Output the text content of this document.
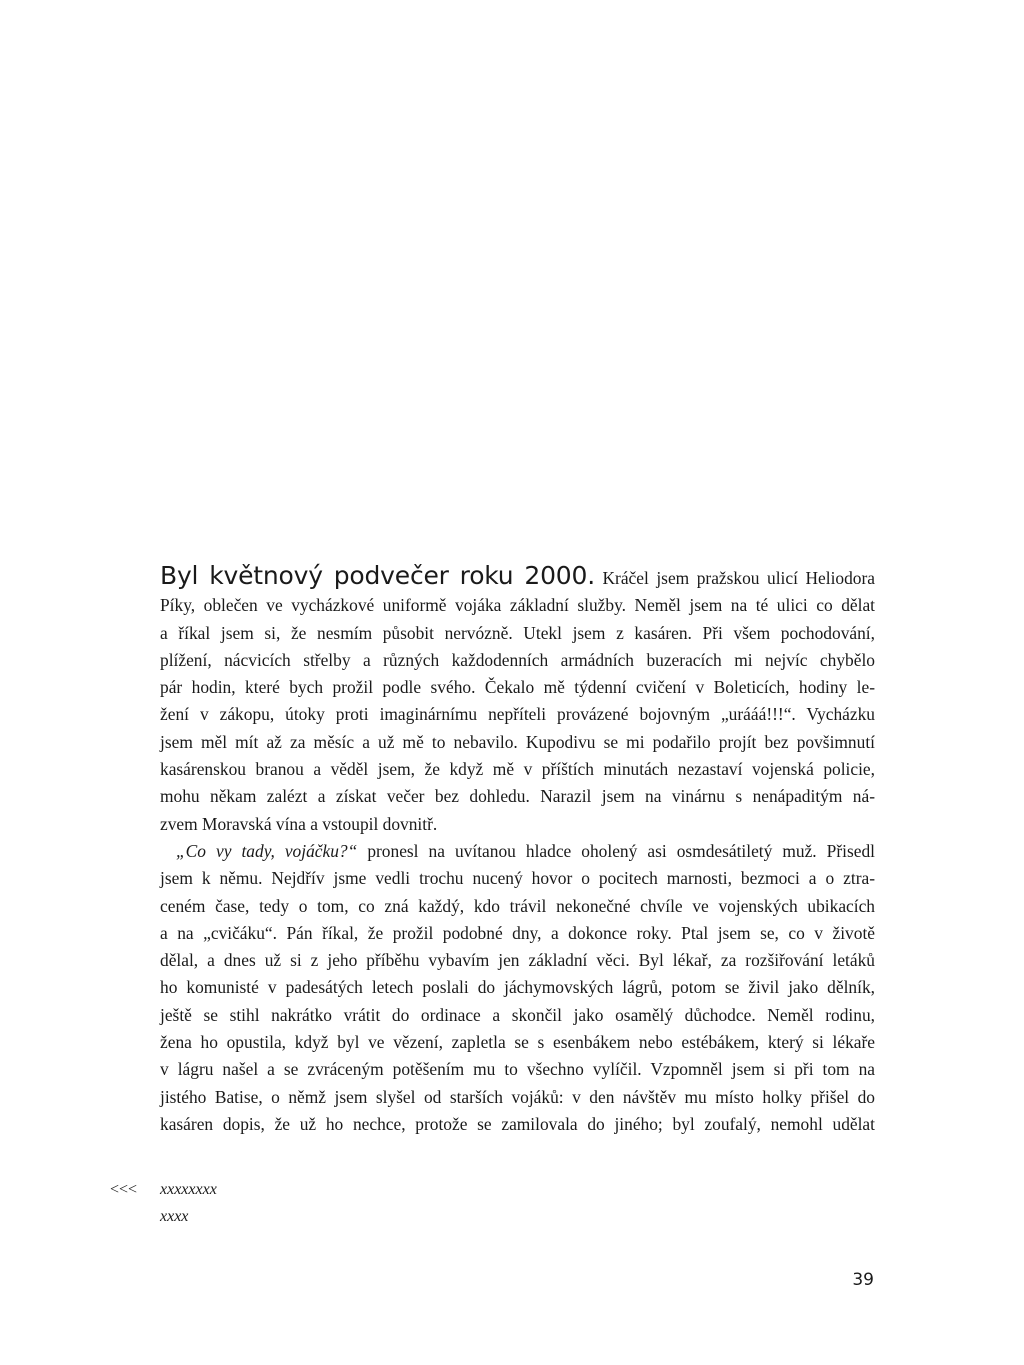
Byl květnový podvečer roku 2000. Kráčel jsem pražskou ulicí Heliodora
Píky, oblečen ve vycházkové uniformě vojáka základní služby. Neměl jsem na té ulici co dělat
a říkal jsem si, že nesmím působit nervózně. Utekl jsem z kasáren. Při všem pochodování,
plížení, nácvicích střelby a různých každodenních armádních buzeracích mi nejvíc chybělo
pár hodin, které bych prožil podle svého. Čekalo mě týdenní cvičení v Boleticích, hodiny le-
žení v zákopu, útoky proti imaginárnímu nepříteli provázené bojovným „urááá!!!“. Vycházku
jsem měl mít až za měsíc a už mě to nebavilo. Kupodivu se mi podařilo projít bez povšimnutí
kasárenskou branou a věděl jsem, že když mě v příštích minutách nezastaví vojenská policie,
mohu někam zalézt a získat večer bez dohledu. Narazil jsem na vinárnu s nenápaditým ná-
zvem Moravská vína a vstoupil dovnitř.
„Co vy tady, vojáčku?“ pronesl na uvítanou hladce oholený asi osmdesátiletý muž. Přisedl
jsem k němu. Nejdřív jsme vedli trochu nucený hovor o pocitech marnosti, bezmoci a o ztra-
ceném čase, tedy o tom, co zná každý, kdo trávil nekonečné chvíle ve vojenských ubikacích
a na „cvičáku“. Pán říkal, že prožil podobné dny, a dokonce roky. Ptal jsem se, co v životě
dělal, a dnes už si z jeho příběhu vybavím jen základní věci. Byl lékař, za rozšiřování letáků
ho komunisté v padesátých letech poslali do jáchymovských lágrů, potom se živil jako dělník,
ještě se stihl nakrátko vrátit do ordinace a skončil jako osamělý důchodce. Neměl rodinu,
žena ho opustila, když byl ve vězení, zapletla se s esenbákem nebo estébákem, který si lékaře
v lágru našel a se zvráceným potěšením mu to všechno vylíčil. Vzpomněl jsem si při tom na
jistého Batise, o němž jsem slyšel od starších vojáků: v den návštěv mu místo holky přišel do
kasáren dopis, že už ho nechce, protože se zamilovala do jiného; byl zoufalý, nemohl udělat
<<< xxxxxxxx
xxxx
39
